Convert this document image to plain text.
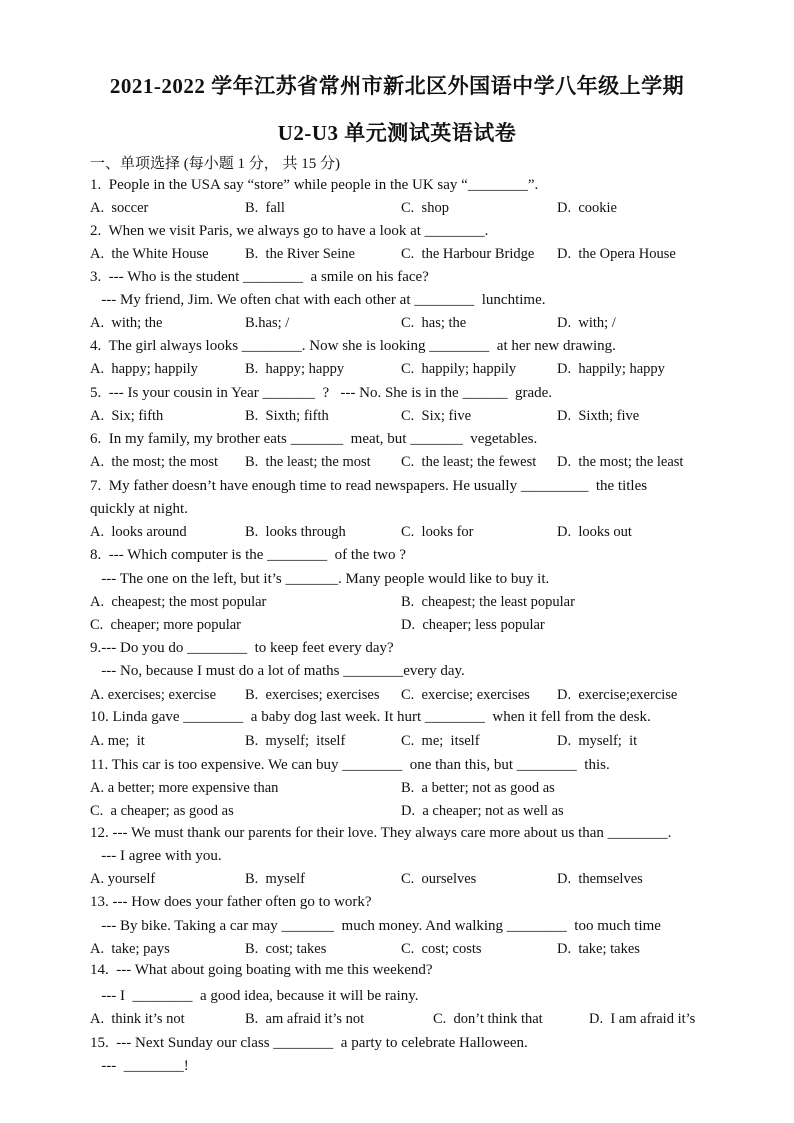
2021-2022 学年江苏省常州市新北区外国语中学八年级上学期
U2-U3 单元测试英语试卷
一、单项选择 (每小题 1 分， 共 15 分)
1.  People in the USA say “store” while people in the UK say “________”.
A.  soccer	B.  fall	C.  shop	D.  cookie
2.  When we visit Paris, we always go to have a look at ________.
A.  the White House	B.  the River Seine	C.  the Harbour Bridge D.  the Opera House
3.  --- Who is the student ________  a smile on his face?
--- My friend, Jim. We often chat with each other at ________  lunchtime.
A.  with; the	B.has; /	C.  has; the	D.  with; /
4.  The girl always looks ________. Now she is looking ________  at her new drawing.
A.  happy; happily	B.  happy; happy	C.  happily; happily	D.  happily; happy
5.  --- Is your cousin in Year _______  ?   --- No. She is in the ______  grade.
A.  Six; fifth	B.  Sixth; fifth	C.  Six; five	D.  Sixth; five
6.  In my family, my brother eats _______  meat, but _______  vegetables.
A.  the most; the most B.  the least; the most C.  the least; the fewest D.  the most; the least
7.  My father doesn’t have enough time to read newspapers. He usually _________  the titles
quickly at night.
A.  looks around	B.  looks through	C.  looks for	D.  looks out
8.  --- Which computer is the ________  of the two ?
--- The one on the left, but it’s _______. Many people would like to buy it.
A.  cheapest; the most popular	B.  cheapest; the least popular
C.  cheaper; more popular	D.  cheaper; less popular
9.--- Do you do ________  to keep feet every day?
--- No, because I must do a lot of maths ________every day.
A. exercises; exercise B.  exercises; exercises C.  exercise; exercises D.  exercise;exercise
10. Linda gave ________  a baby dog last week. It hurt ________  when it fell from the desk.
A. me;  it	B.  myself;  itself	C.  me;  itself	D.  myself;  it
11. This car is too expensive. We can buy ________  one than this, but ________  this.
A. a better; more expensive than	B.  a better; not as good as
C.  a cheaper; as good as	D.  a cheaper; not as well as
12. --- We must thank our parents for their love. They always care more about us than ________.
--- I agree with you.
A. yourself	B.  myself	C.  ourselves	D.  themselves
13. --- How does your father often go to work?
--- By bike. Taking a car may _______  much money. And walking ________  too much time
A.  take; pays	B.  cost; takes	C.  cost; costs	D.  take; takes
14.  --- What about going boating with me this weekend?
--- I  ________  a good idea, because it will be rainy.
A.  think it’s not	B.  am afraid it’s not	C.  don’t think that	D.  I am afraid it’s
15.  --- Next Sunday our class ________  a party to celebrate Halloween.
---  ________!
